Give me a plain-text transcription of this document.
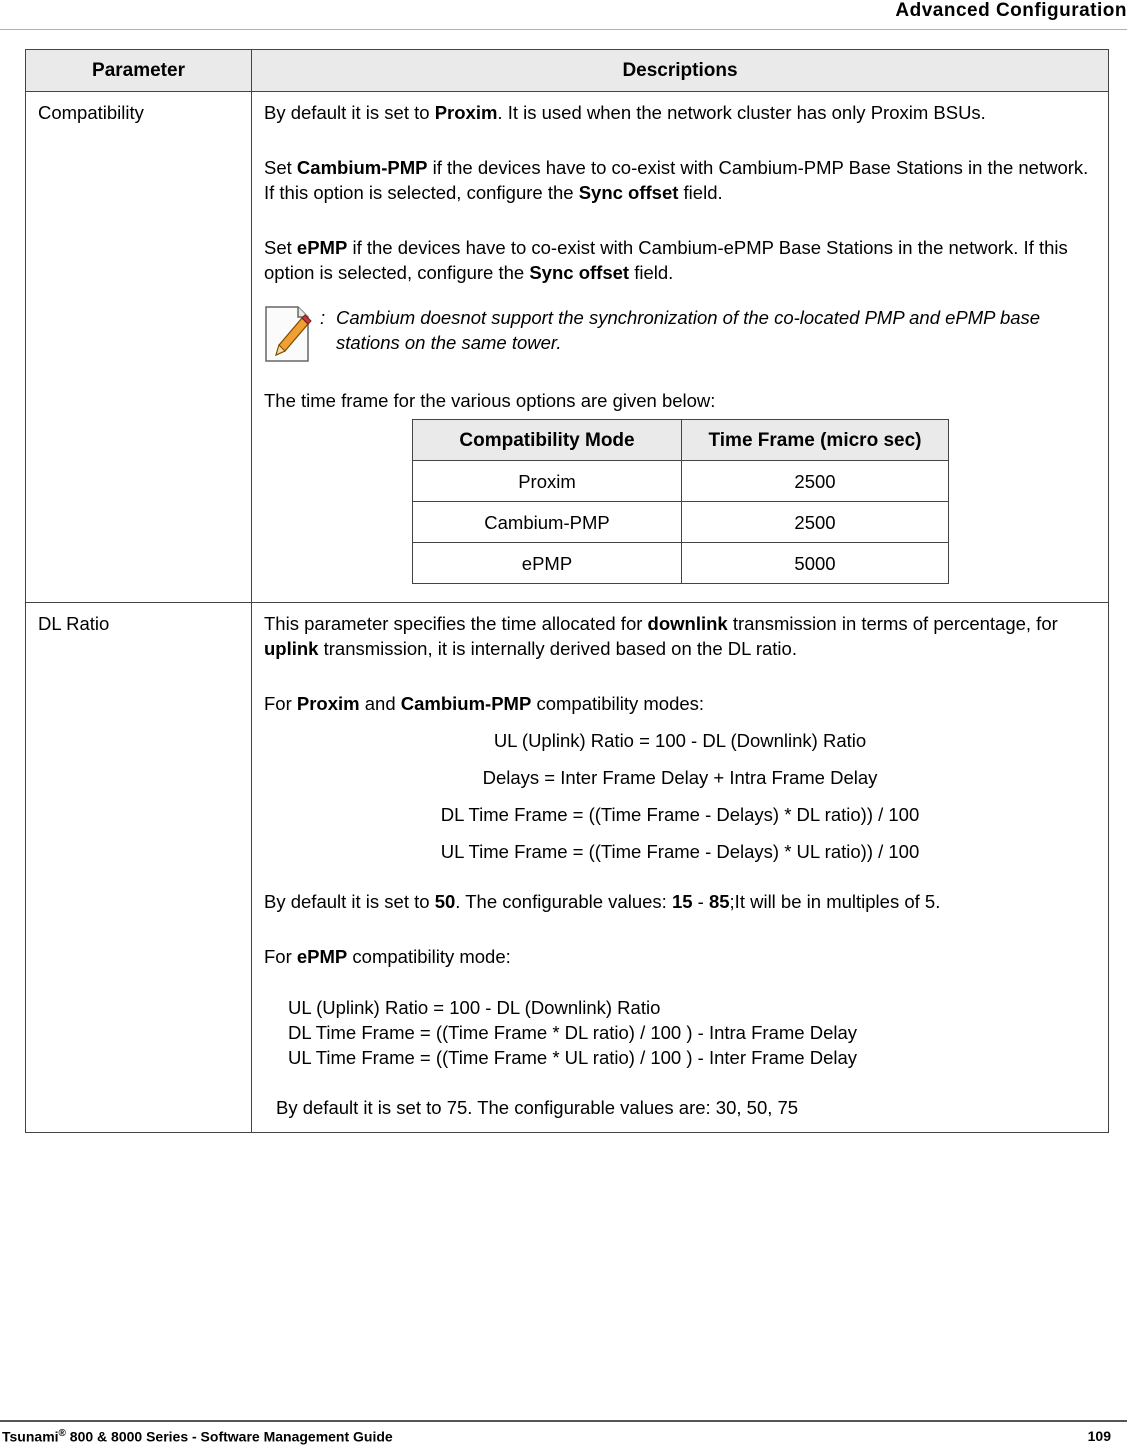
Advanced Configuration
Parameter	Descriptions
Compatibility	By default it is set to Proxim. It is used when the network cluster has only Proxim BSUs.

Set Cambium-PMP if the devices have to co-exist with Cambium-PMP Base Stations in the network. If this option is selected, configure the Sync offset field.

Set ePMP if the devices have to co-exist with Cambium-ePMP Base Stations in the network. If this option is selected, configure the Sync offset field.

: Cambium doesnot support the synchronization of the co-located PMP and ePMP base stations on the same tower.

The time frame for the various options are given below:

Compatibility Mode	Time Frame (micro sec)
Proxim	2500
Cambium-PMP	2500
ePMP	5000

DL Ratio	This parameter specifies the time allocated for downlink transmission in terms of percentage, for uplink transmission, it is internally derived based on the DL ratio.

For Proxim and Cambium-PMP compatibility modes:

UL (Uplink) Ratio = 100 - DL (Downlink) Ratio
Delays = Inter Frame Delay + Intra Frame Delay
DL Time Frame = ((Time Frame - Delays) * DL ratio)) / 100
UL Time Frame = ((Time Frame - Delays) * UL ratio)) / 100

By default it is set to 50. The configurable values: 15 - 85;It will be in multiples of 5.

For ePMP compatibility mode:

UL (Uplink) Ratio = 100 - DL (Downlink) Ratio
DL Time Frame = ((Time Frame * DL ratio) / 100 ) - Intra Frame Delay
UL Time Frame = ((Time Frame * UL ratio) / 100 ) - Inter Frame Delay
By default it is set to 75. The configurable values are: 30, 50, 75
Tsunami® 800 & 8000 Series - Software Management Guide	109
